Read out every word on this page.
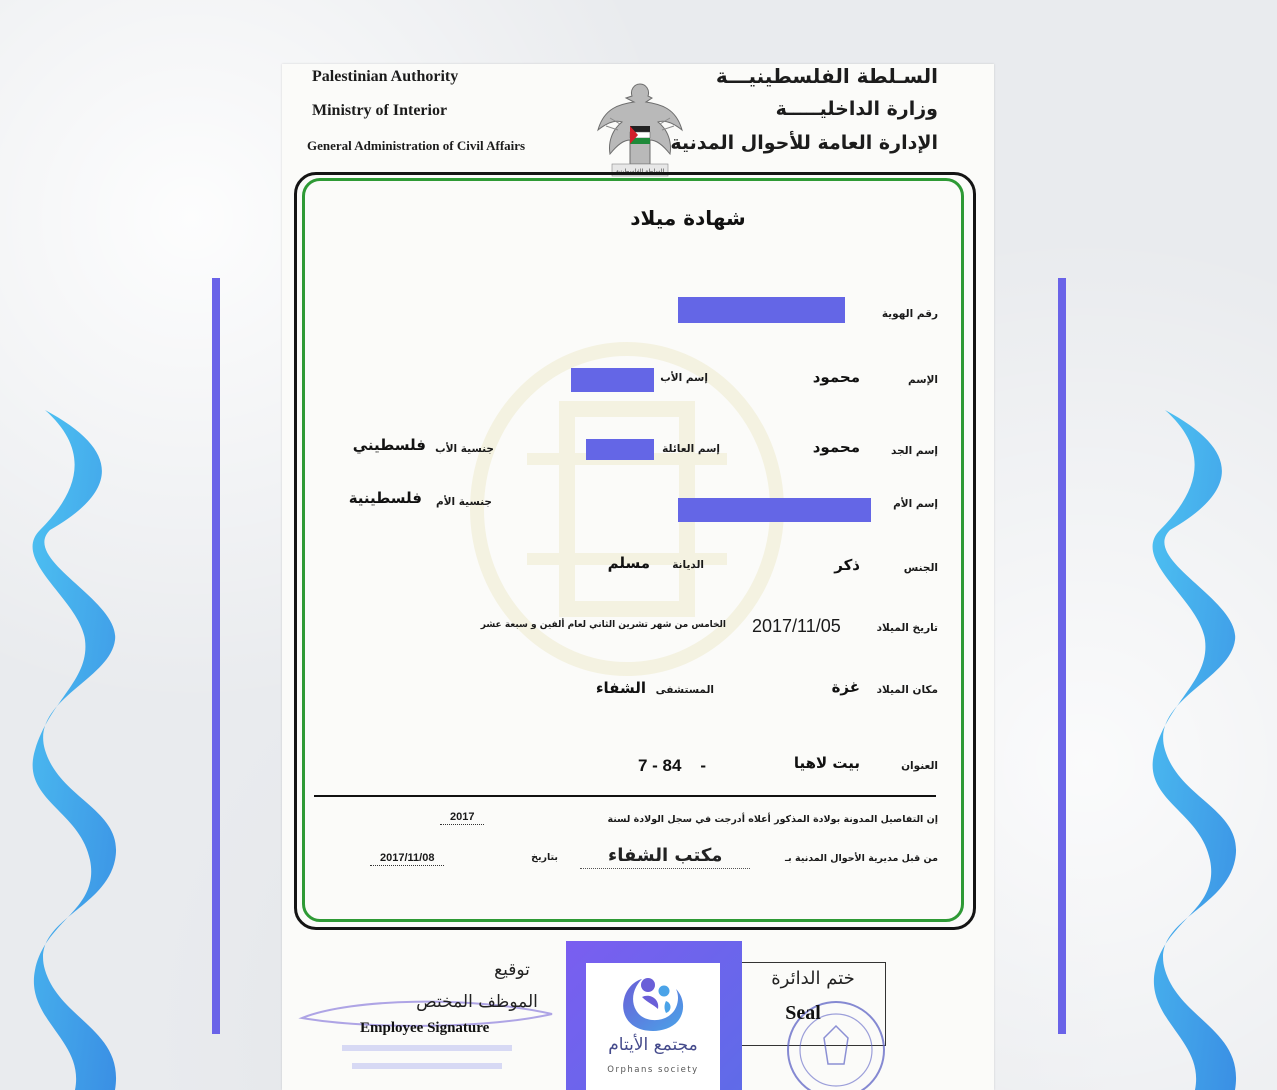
Palestinian Authority
Ministry of Interior
General Administration of Civil Affairs
السـلطة الفلسطينيـــة
وزارة الداخليـــــة
الإدارة العامة للأحوال المدنية
السلطة الفلسطينية
شهادة ميلاد
رقم الهوية
الإسم
محمود
إسم الأب
إسم الجد
محمود
إسم العائلة
جنسية الأب
فلسطيني
إسم الأم
جنسية الأم
فلسطينية
الجنس
ذكر
الديانة
مسلم
تاريخ الميلاد
2017/11/05
الخامس من شهر تشرين الثاني لعام ألفين و سبعة عشر
مكان الميلاد
غزة
المستشفى
الشفاء
العنوان
بيت لاهيا
7 - 84    -
إن التفاصيل المدونة بولادة المذكور أعلاه أدرجت في سجل الولادة لسنة
2017
من قبل مديرية الأحوال المدنية بـ
مكتب الشفاء
بتاريخ
2017/11/08
توقيع
الموظف المختص
Employee Signature
ختم الدائرة
Seal
مجتمع الأيتام
Orphans society
